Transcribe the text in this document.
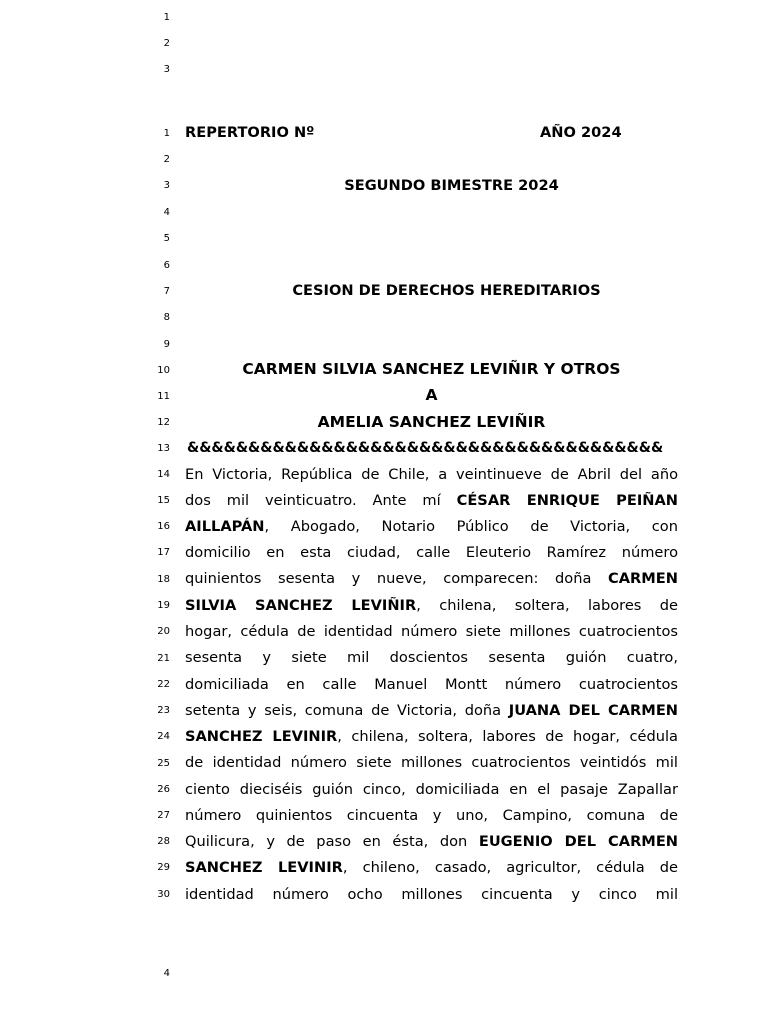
1
2
3
1
2
3
4
5
6
7
8
9
10
11
12
13
14
15
16
17
18
19
20
21
22
23
24
25
26
27
28
29
30
4
REPERTORIO Nº	AÑO 2024
SEGUNDO BIMESTRE 2024
CESION DE DERECHOS HEREDITARIOS
CARMEN SILVIA SANCHEZ LEVIÑIR Y OTROS
A
AMELIA SANCHEZ LEVIÑIR
&&&&&&&&&&&&&&&&&&&&&&&&&&&&&&&&&&&&&&&
En Victoria, República de Chile, a veintinueve de Abril del año
dos mil veinticuatro. Ante mí CÉSAR ENRIQUE PEIÑAN
AILLAPÁN, Abogado, Notario Público de Victoria, con
domicilio en esta ciudad, calle Eleuterio Ramírez número
quinientos sesenta y nueve, comparecen: doña CARMEN
SILVIA SANCHEZ LEVIÑIR, chilena, soltera, labores de
hogar, cédula de identidad número siete millones cuatrocientos
sesenta y siete mil doscientos sesenta guión cuatro,
domiciliada en calle Manuel Montt número cuatrocientos
setenta y seis, comuna de Victoria, doña JUANA DEL CARMEN
SANCHEZ LEVINIR, chilena, soltera, labores de hogar, cédula
de identidad número siete millones cuatrocientos veintidós mil
ciento dieciséis guión cinco, domiciliada en el pasaje Zapallar
número quinientos cincuenta y uno, Campino, comuna de
Quilicura, y de paso en ésta, don EUGENIO DEL CARMEN
SANCHEZ LEVINIR, chileno, casado, agricultor, cédula de
identidad número ocho millones cincuenta y cinco mil
